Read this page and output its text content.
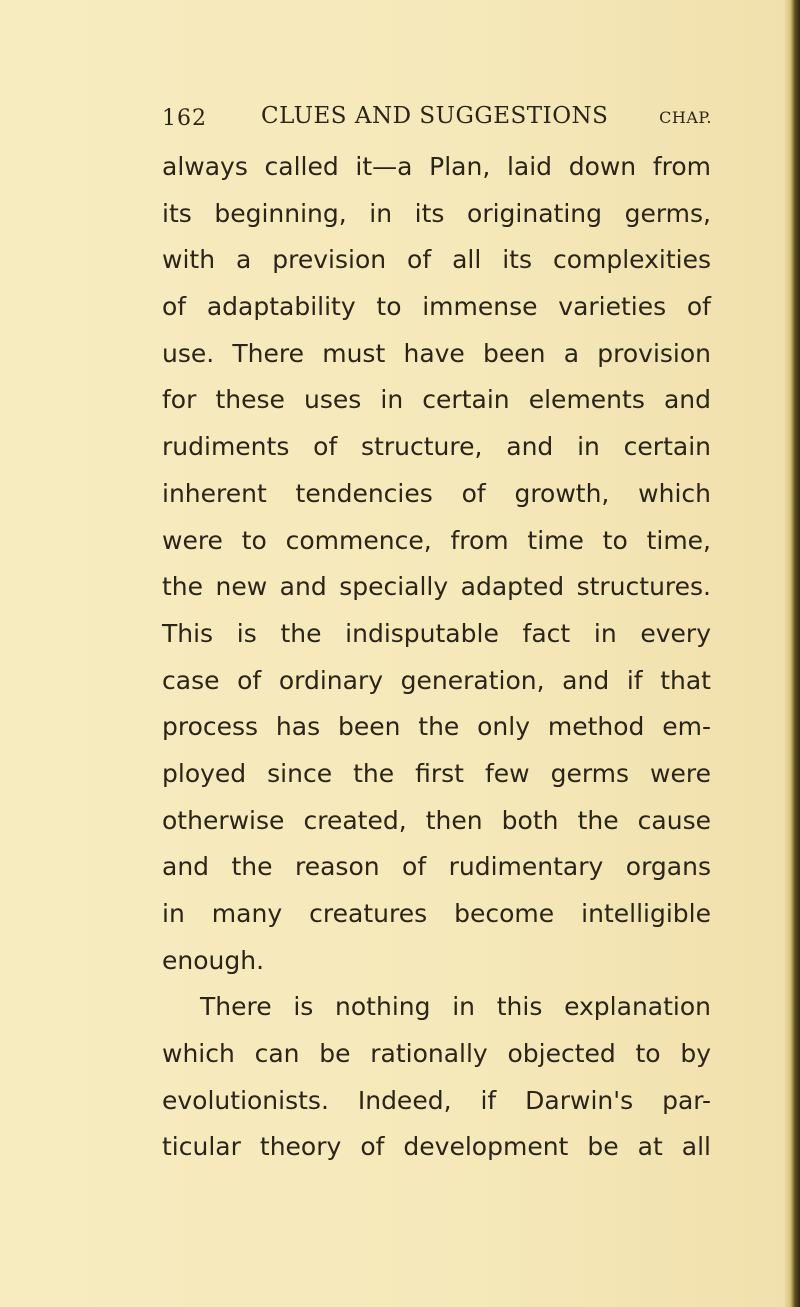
162 CLUES AND SUGGESTIONS	CHAP.
always called it—a Plan, laid down from
its beginning, in its originating germs,
with a prevision of all its complexities
of adaptability to immense varieties of
use. There must have been a provision
for these uses in certain elements and
rudiments of structure, and in certain
inherent tendencies of growth, which
were to commence, from time to time,
the new and specially adapted structures.
This is the indisputable fact in every
case of ordinary generation, and if that
process has been the only method em-
ployed since the first few germs were
otherwise created, then both the cause
and the reason of rudimentary organs
in many creatures become intelligible
enough.
There is nothing in this explanation
which can be rationally objected to by
evolutionists. Indeed, if Darwin's par-
ticular theory of development be at all
